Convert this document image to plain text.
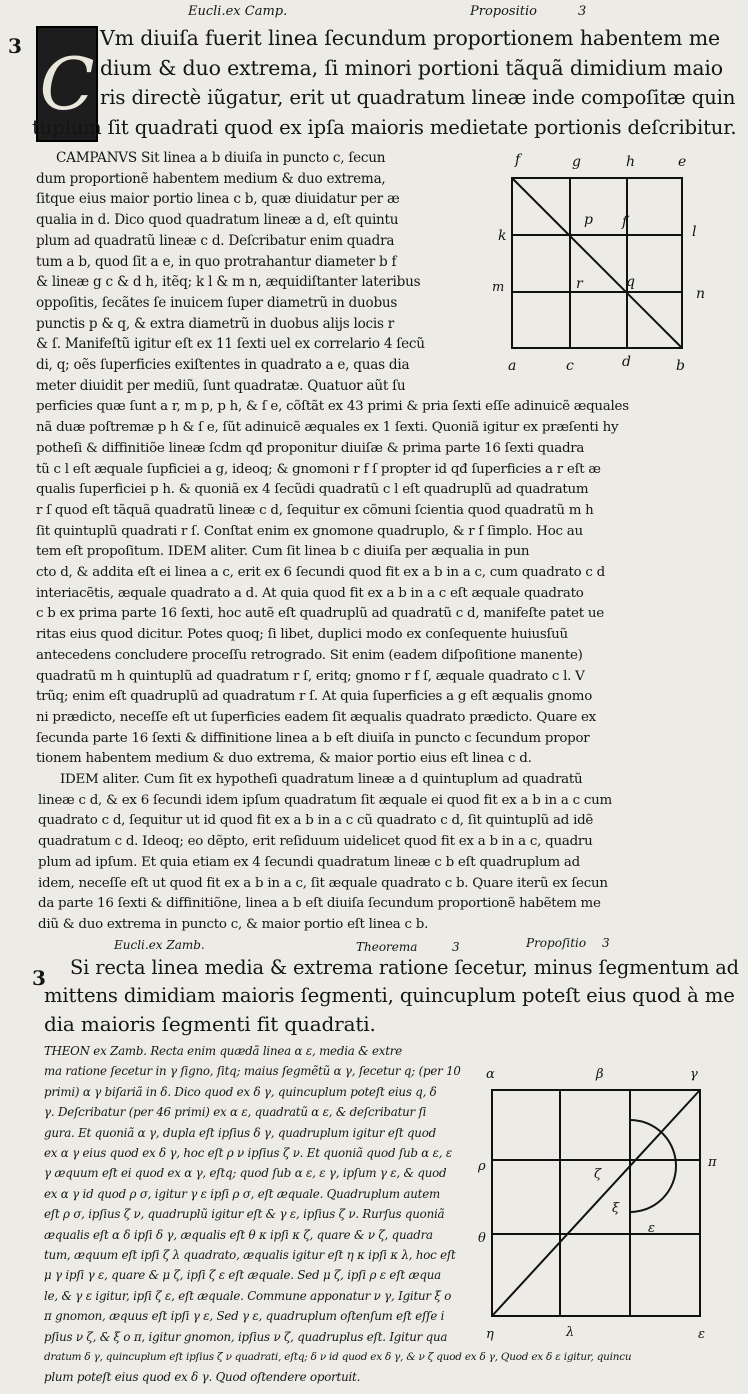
Eucli.ex Camp.	Propositio	3
3 C
Vm diuiſa fuerit linea ſecundum proportionem habentem me
dium & duo extrema, ſi minori portioni tãquã dimidium maio
ris directè iũgatur, erit ut quadratum lineæ inde compoſitæ quin
tuplum ſit quadrati quod ex ipſa maioris medietate portionis deſcribitur.
CAMPANVS Sit linea a b diuiſa in puncto c, ſecun
dum proportionẽ habentem medium & duo extrema,
ſitque eius maior portio linea c b, quæ diuidatur per æ
qualia in d. Dico quod quadratum lineæ a d, eſt quintu
plum ad quadratũ lineæ c d. Deſcribatur enim quadra
tum a b, quod ſit a e, in quo protrahantur diameter b f
& lineæ g c & d h, itẽq; k l & m n, æquidiſtanter lateribus
oppoſitis, ſecãtes ſe inuicem ſuper diametrũ in duobus
punctis p & q, & extra diametrũ in duobus alijs locis r
& ſ. Manifeſtũ igitur eſt ex 11 ſexti uel ex correlario 4 ſecũ
di, q; oẽs ſuperficies exiſtentes in quadrato a e, quas dia
meter diuidit per mediũ, ſunt quadratæ. Quatuor aũt ſu
perficies quæ ſunt a r, m p, p h, & ſ e, cõſtãt ex 43 primi & pria ſexti eſſe adinuicẽ æquales
nã duæ poſtremæ p h & ſ e, ſũt adinuicẽ æquales ex 1 ſexti. Quoniã igitur ex præſenti hy
potheſi & diffinitiõe lineæ ſcdm qđ proponitur diuiſæ & prima parte 16 ſexti quadra
tũ c l eſt æquale ſupficiei a g, ideoq; & gnomoni r f ſ propter id qđ ſuperficies a r eſt æ
qualis ſuperficiei p h. & quoniã ex 4 ſecũdi quadratũ c l eſt quadruplũ ad quadratum
r ſ quod eſt tãquã quadratũ lineæ c d, ſequitur ex cõmuni ſcientia quod quadratũ m h
ſit quintuplũ quadrati r ſ. Conſtat enim ex gnomone quadruplo, & r ſ ſimplo. Hoc au
tem eſt propoſitum. IDEM aliter. Cum ſit linea b c diuiſa per æqualia in pun
cto d, & addita eſt ei linea a c, erit ex 6 ſecundi quod fit ex a b in a c, cum quadrato c d
interiacẽtis, æquale quadrato a d. At quia quod fit ex a b in a c eſt æquale quadrato
c b ex prima parte 16 ſexti, hoc autẽ eſt quadruplũ ad quadratũ c d, manifeſte patet ue
ritas eius quod dicitur. Potes quoq; ſi libet, duplici modo ex conſequente huiusſuũ
antecedens concludere proceſſu retrogrado. Sit enim (eadem diſpoſitione manente)
quadratũ m h quintuplũ ad quadratum r ſ, eritq; gnomo r f ſ, æquale quadrato c l. V
trũq; enim eſt quadruplũ ad quadratum r ſ. At quia ſuperficies a g eſt æqualis gnomo
ni prædicto, neceſſe eſt ut ſuperficies eadem ſit æqualis quadrato prædicto. Quare ex
ſecunda parte 16 ſexti & diffinitione linea a b eſt diuiſa in puncto c ſecundum propor
tionem habentem medium & duo extrema, & maior portio eius eſt linea c d.
IDEM aliter. Cum ſit ex hypotheſi quadratum lineæ a d quintuplum ad quadratũ
lineæ c d, & ex 6 ſecundi idem ipſum quadratum ſit æquale ei quod fit ex a b in a c cum
quadrato c d, ſequitur ut id quod fit ex a b in a c cũ quadrato c d, ſit quintuplũ ad idẽ
quadratum c d. Ideoq; eo dẽpto, erit reſiduum uidelicet quod fit ex a b in a c, quadru
plum ad ipſum. Et quia etiam ex 4 ſecundi quadratum lineæ c b eſt quadruplum ad
idem, neceſſe eſt ut quod fit ex a b in a c, ſit æquale quadrato c b. Quare iterũ ex ſecun
da parte 16 ſexti & diffinitiõne, linea a b eſt diuiſa ſecundum proportionẽ habẽtem me
diũ & duo extrema in puncto c, & maior portio eſt linea c b.
f	g	h	e
l
k
p ſ
r	q
n
a	c	d	b
m
Eucli.ex Zamb.	Theorema	3	Propoſitio 3
3 Si recta linea media & extrema ratione ſecetur, minus ſegmentum ad
mittens dimidiam maioris ſegmenti, quincuplum poteſt eius quod à me
dia maioris ſegmenti fit quadrati.
THEON ex Zamb. Recta enim quædã linea α ε, media & extre
ma ratione ſecetur in γ ſigno, ſitq; maius ſegmẽtũ α γ, ſecetur q; (per 10
primi) α γ biſariã in δ. Dico quod ex δ γ, quincuplum poteſt eius q, δ
γ. Deſcribatur (per 46 primi) ex α ε, quadratũ α ε, & deſcribatur ſi
gura. Et quoniã α γ, dupla eſt ipſius δ γ, quadruplum igitur eſt quod
ex α γ eius quod ex δ γ, hoc eſt ρ ν ipſius ζ ν. Et quoniã quod ſub α ε, ε
γ æquum eſt ei quod ex α γ, eſtq; quod ſub α ε, ε γ, ipſum γ ε, & quod
ex α γ id quod ρ σ, igitur γ ε ipſi ρ σ, eſt æquale. Quadruplum autem
eſt ρ σ, ipſius ζ ν, quadruplũ igitur eſt & γ ε, ipſius ζ ν. Rurſus quoniã
æqualis eſt α δ ipſi δ γ, æqualis eſt θ κ ipſi κ ζ, quare & ν ζ, quadra
tum, æquum eſt ipſi ζ λ quadrato, æqualis igitur eſt η κ ipſi κ λ, hoc eſt
μ γ ipſi γ ε, quare & μ ζ, ipſi ζ ε eſt æquale. Sed μ ζ, ipſi ρ ε eſt æqua
le, & γ ε igitur, ipſi ζ ε, eſt æquale. Commune apponatur ν γ, Igitur ξ ο
π gnomon, æquus eſt ipſi γ ε, Sed γ ε, quadruplum oſtenſum eſt eſſe i
pſius ν ζ, & ξ ο π, igitur gnomon, ipſius ν ζ, quadruplus eſt. Igitur qua
dratum δ γ, quincuplum eſt ipſius ζ ν quadrati, eſtq; δ ν id quod ex δ γ, & ν ζ quod ex δ γ, Quod ex δ ε igitur, quincu
plum poteſt eius quod ex δ γ. Quod oſtendere oportuit.
α	β	γ
ρ	π
ζ
ξ
ε
θ
η	λ	ε
